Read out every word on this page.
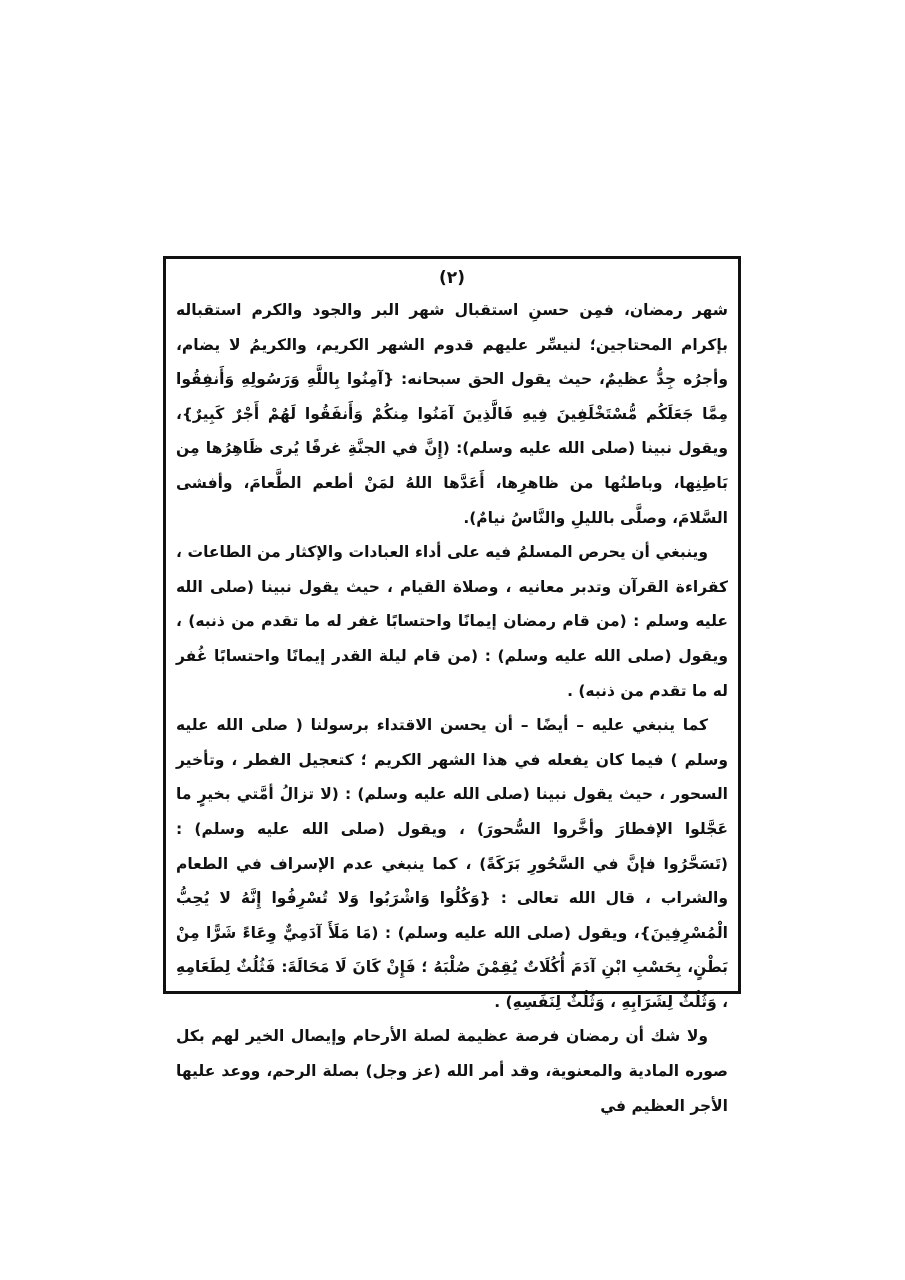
(٢)

شهر رمضان، فمِن حسنِ استقبال شهر البر والجود والكرم استقباله بإكرام المحتاجين؛ لنيسِّر عليهم قدوم الشهر الكريم، والكريمُ لا يضام، وأجرُه جِدُّ عظيمٌ، حيث يقول الحق سبحانه: {آمِنُوا بِاللَّهِ وَرَسُولِهِ وَأَنفِقُوا مِمَّا جَعَلَكُم مُّسْتَخْلَفِينَ فِيهِ فَالَّذِينَ آمَنُوا مِنكُمْ وَأَنفَقُوا لَهُمْ أَجْرٌ كَبِيرٌ}، ويقول نبينا (صلى الله عليه وسلم): (إِنَّ في الجنَّةِ غرفًا يُرى ظَاهِرُها مِن بَاطِنِها، وباطنُها من ظاهرِها، أَعَدَّها اللهُ لمَنْ أطعم الطَّعامَ، وأفشى السَّلامَ، وصلَّى بالليلِ والنَّاسُ نيامٌ).

وينبغي أن يحرص المسلمُ فيه على أداء العبادات والإكثار من الطاعات ، كقراءة القرآن وتدبر معانيه ، وصلاة القيام ، حيث يقول نبينا (صلى الله عليه وسلم : (من قام رمضان إيمانًا واحتسابًا غفر له ما تقدم من ذنبه) ، ويقول (صلى الله عليه وسلم) : (من قام ليلة القدر إيمانًا واحتسابًا غُفر له ما تقدم من ذنبه) .

كما ينبغي عليه – أيضًا – أن يحسن الاقتداء برسولنا ( صلى الله عليه وسلم ) فيما كان يفعله في هذا الشهر الكريم ؛ كتعجيل الفطر ، وتأخير السحور ، حيث يقول نبينا (صلى الله عليه وسلم) : (لا تزالُ أمَّتي بخيرٍ ما عَجَّلوا الإفطارَ وأخَّروا السُّحورَ) ، ويقول (صلى الله عليه وسلم) : (تَسَحَّرُوا فإنَّ في السَّحُورِ بَرَكَةً) ، كما ينبغي عدم الإسراف في الطعام والشراب ، قال الله تعالى : {وَكُلُوا وَاشْرَبُوا وَلا تُسْرِفُوا إِنَّهُ لا يُحِبُّ الْمُسْرِفِينَ}، ويقول (صلى الله عليه وسلم) : (مَا مَلَأَ آدَمِيٌّ وِعَاءً شَرًّا مِنْ بَطْنٍ، بِحَسْبِ ابْنِ آدَمَ أُكُلَاتٌ يُقِمْنَ صُلْبَهُ ؛ فَإِنْ كَانَ لَا مَحَالَةَ: فَثُلُثٌ لِطَعَامِهِ ، وَثُلُثٌ لِشَرَابِهِ ، وَثُلُثٌ لِنَفَسِهِ) .

ولا شك أن رمضان فرصة عظيمة لصلة الأرحام وإيصال الخير لهم بكل صوره المادية والمعنوية، وقد أمر الله (عز وجل) بصلة الرحم، ووعد عليها الأجر العظيم في
